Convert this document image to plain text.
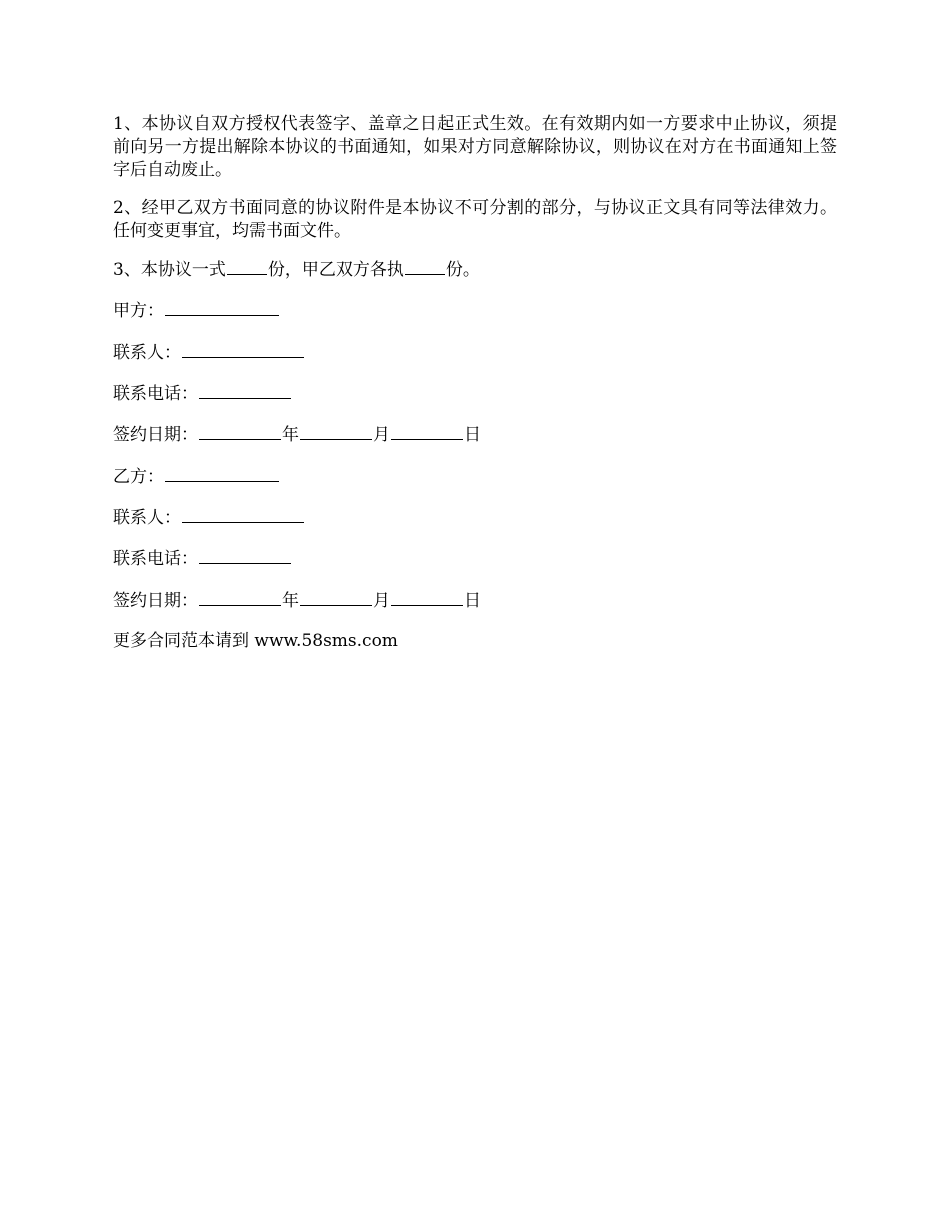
1、本协议自双方授权代表签字、盖章之日起正式生效。在有效期内如一方要求中止协议，须提前向另一方提出解除本协议的书面通知，如果对方同意解除协议，则协议在对方在书面通知上签字后自动废止。

2、经甲乙双方书面同意的协议附件是本协议不可分割的部分，与协议正文具有同等法律效力。任何变更事宜，均需书面文件。

3、本协议一式 份，甲乙双方各执 份。
甲方：
联系人：
联系电话：
签约日期：	年	月	日
乙方：
联系人：
联系电话：
签约日期：	年	月	日
更多合同范本请到 www.58sms.com
